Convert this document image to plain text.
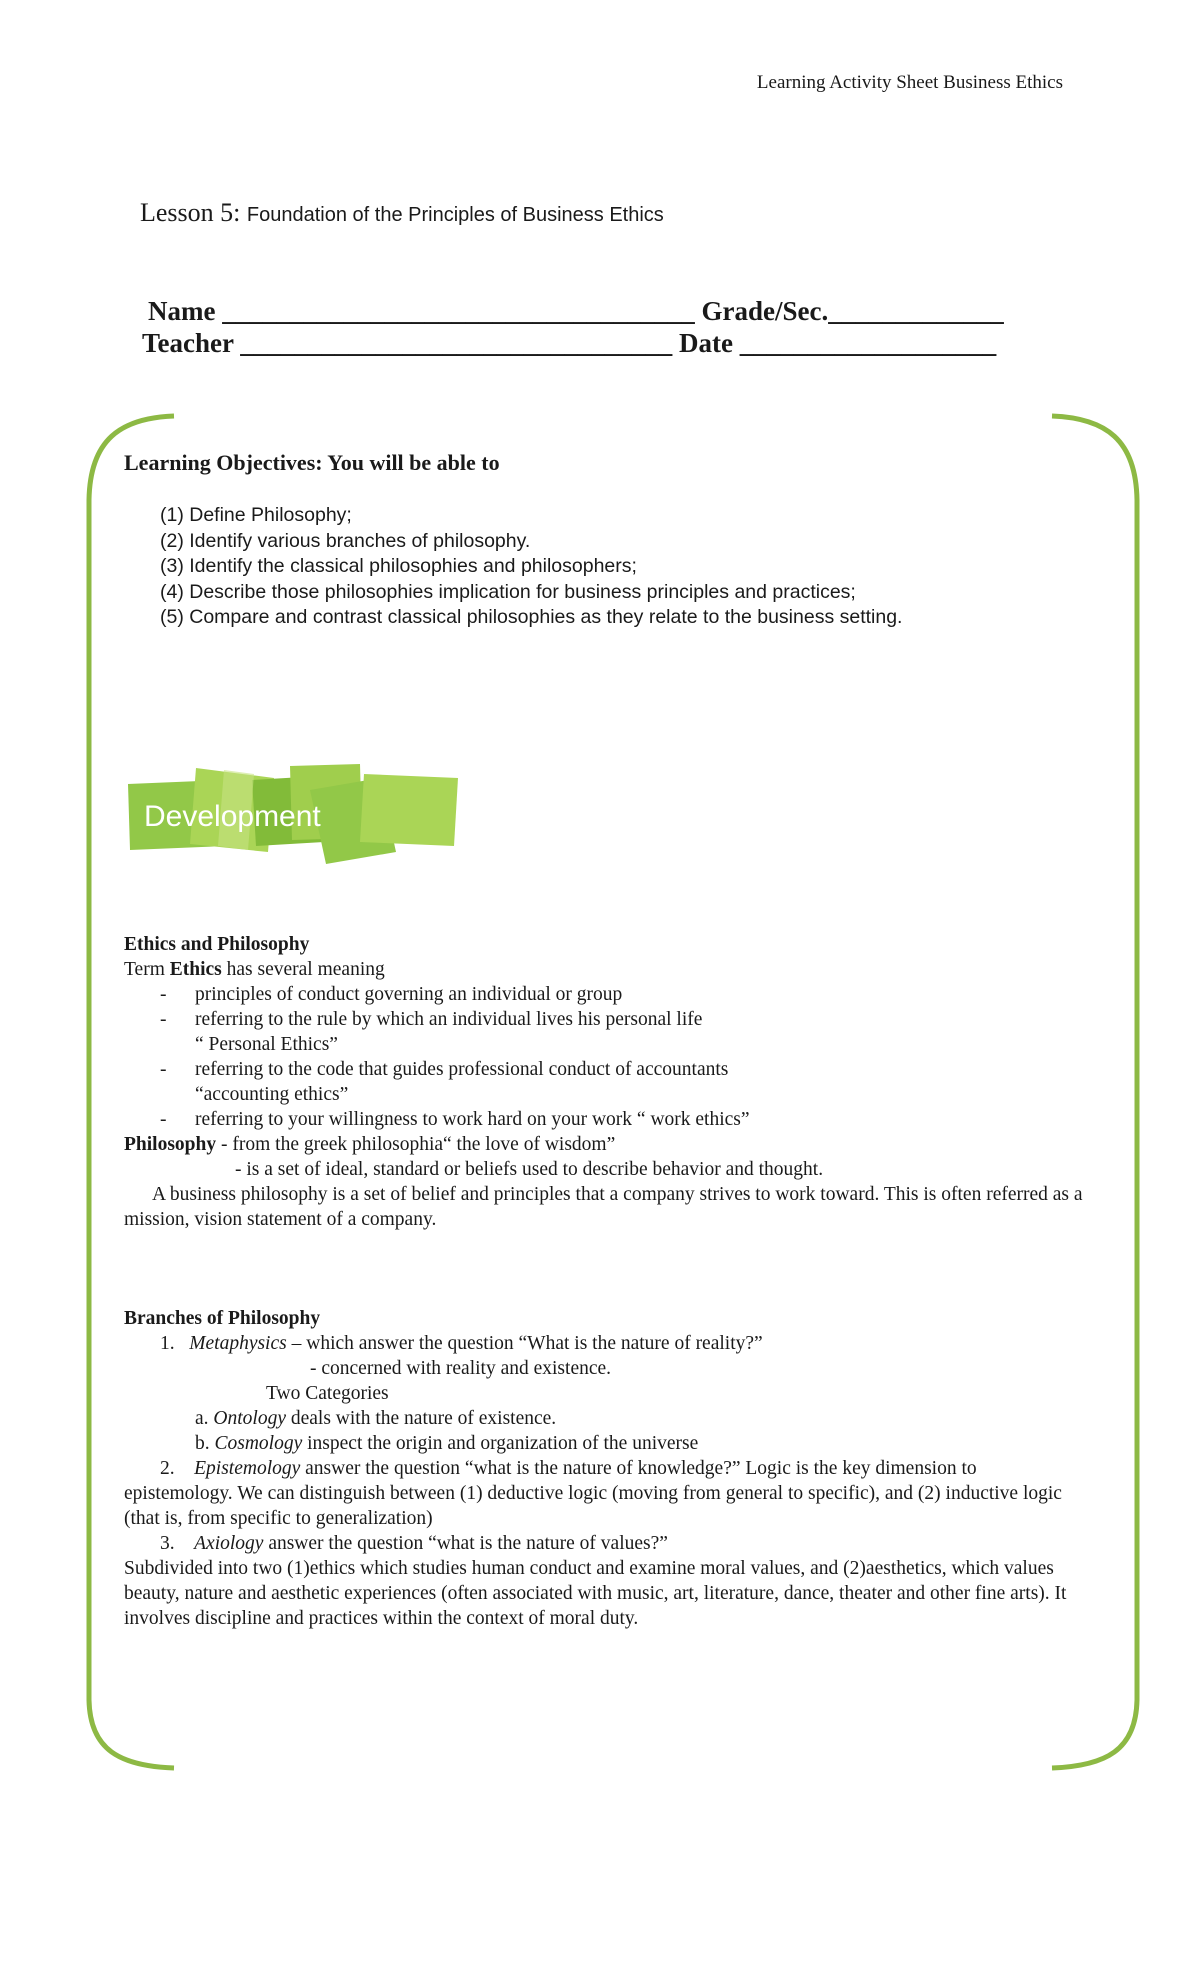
Learning Activity Sheet Business Ethics
Lesson 5: Foundation of the Principles of Business Ethics
Name ___________________________________ Grade/Sec._____________
Teacher ________________________________ Date ___________________
Learning Objectives: You will be able to
(1) Define Philosophy;
(2) Identify various branches of philosophy.
(3) Identify the classical philosophies and philosophers;
(4) Describe those philosophies implication for business principles and practices;
(5) Compare and contrast classical philosophies as they relate to the business setting.
Development
Ethics and Philosophy
Term Ethics has several meaning
- principles of conduct governing an individual or group
- referring to the rule by which an individual lives his personal life
“ Personal Ethics”
- referring to the code that guides professional conduct of accountants
“accounting ethics”
- referring to your willingness to work hard on your work “ work ethics”
Philosophy - from the greek philosophia“ the love of wisdom”
- is a set of ideal, standard or beliefs used to describe behavior and thought.
A business philosophy is a set of belief and principles that a company strives to work toward. This is often referred as a mission, vision statement of a company.
Branches of Philosophy
1. Metaphysics – which answer the question “What is the nature of reality?”
- concerned with reality and existence.
Two Categories
a. Ontology deals with the nature of existence.
b. Cosmology inspect the origin and organization of the universe
2. Epistemology answer the question “what is the nature of knowledge?” Logic is the key dimension to epistemology. We can distinguish between (1) deductive logic (moving from general to specific), and (2) inductive logic (that is, from specific to generalization)
3. Axiology answer the question “what is the nature of values?”
Subdivided into two (1)ethics which studies human conduct and examine moral values, and (2)aesthetics, which values beauty, nature and aesthetic experiences (often associated with music, art, literature, dance, theater and other fine arts). It involves discipline and practices within the context of moral duty.
